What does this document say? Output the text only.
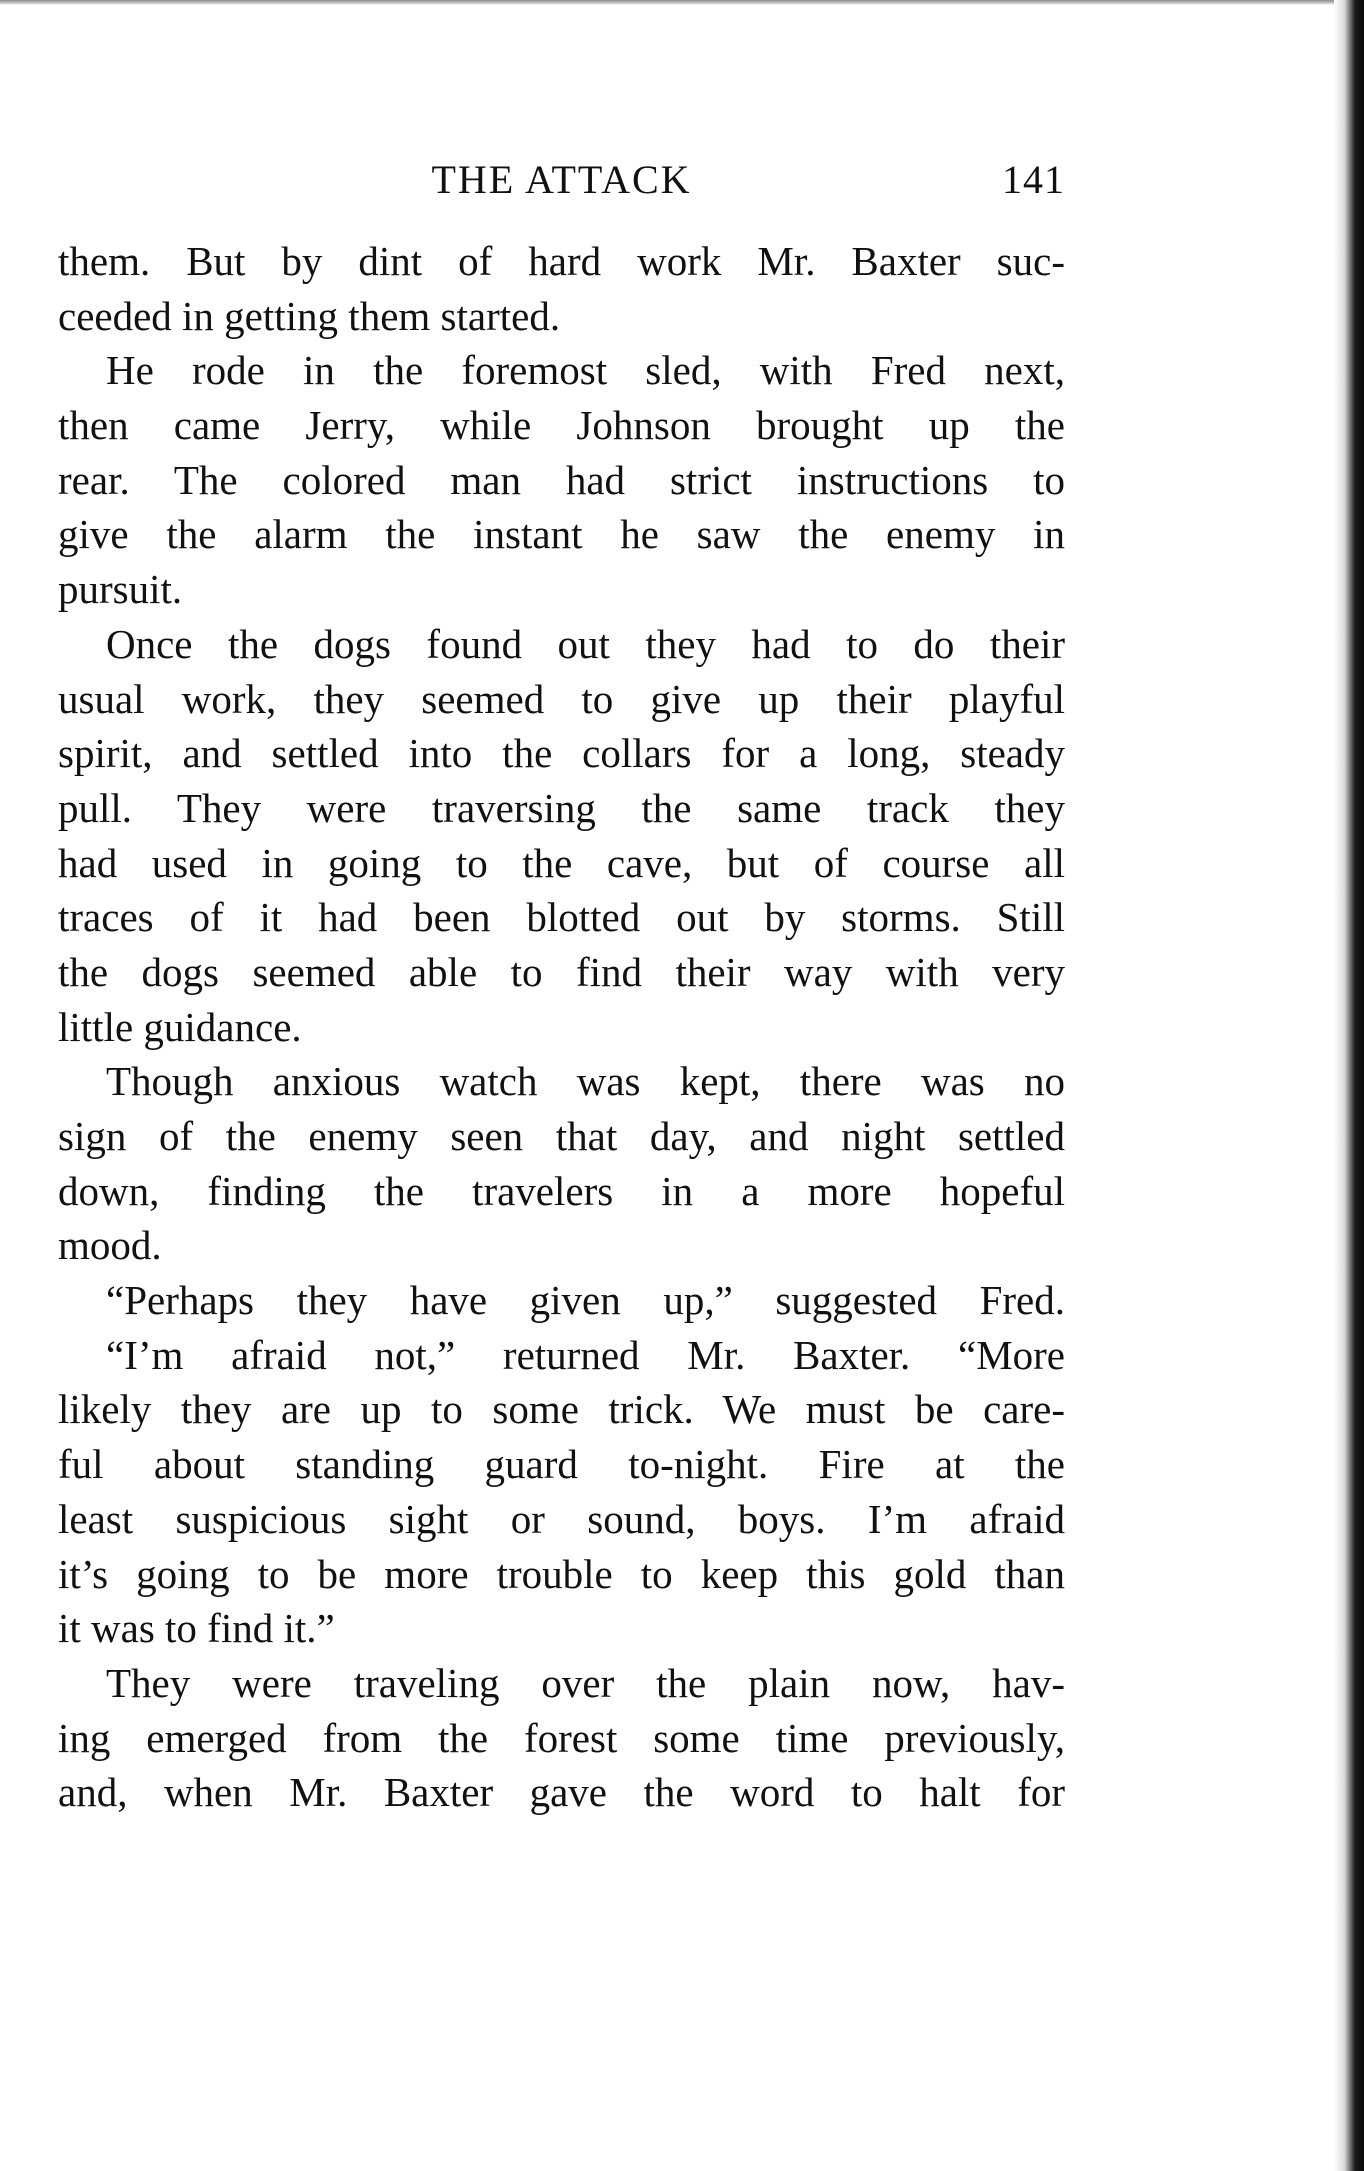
THE ATTACK	141
them. But by dint of hard work Mr. Baxter suc-
ceeded in getting them started.
He rode in the foremost sled, with Fred next,
then came Jerry, while Johnson brought up the
rear. The colored man had strict instructions to
give the alarm the instant he saw the enemy in
pursuit.
Once the dogs found out they had to do their
usual work, they seemed to give up their playful
spirit, and settled into the collars for a long, steady
pull. They were traversing the same track they
had used in going to the cave, but of course all
traces of it had been blotted out by storms. Still
the dogs seemed able to find their way with very
little guidance.
Though anxious watch was kept, there was no
sign of the enemy seen that day, and night settled
down, finding the travelers in a more hopeful
mood.
“Perhaps they have given up,” suggested Fred.
“I’m afraid not,” returned Mr. Baxter. “More
likely they are up to some trick. We must be care-
ful about standing guard to-night. Fire at the
least suspicious sight or sound, boys. I’m afraid
it’s going to be more trouble to keep this gold than
it was to find it.”
They were traveling over the plain now, hav-
ing emerged from the forest some time previously,
and, when Mr. Baxter gave the word to halt for
